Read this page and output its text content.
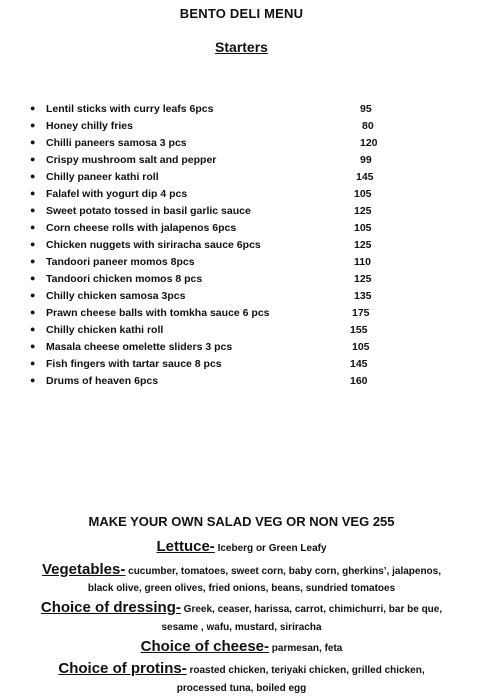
BENTO DELI MENU
Starters
● Lentil sticks with curry leafs 6pcs	95
● Honey chilly fries	80
● Chilli paneers samosa 3 pcs	120
● Crispy mushroom salt and pepper	99
● Chilly paneer kathi roll	145
● Falafel with yogurt dip 4 pcs	105
● Sweet potato tossed in basil garlic sauce	125
● Corn cheese rolls with jalapenos 6pcs	105
● Chicken nuggets with siriracha sauce 6pcs	125
● Tandoori paneer momos 8pcs	110
● Tandoori chicken momos 8 pcs	125
● Chilly chicken samosa 3pcs	135
● Prawn cheese balls with tomkha sauce 6 pcs	175
● Chilly chicken kathi roll	155
● Masala cheese omelette sliders 3 pcs	105
● Fish fingers with tartar sauce 8 pcs	145
● Drums of heaven 6pcs	160
MAKE YOUR OWN SALAD VEG OR NON VEG 255
Lettuce- Iceberg or Green Leafy
Vegetables- cucumber, tomatoes, sweet corn, baby corn, gherkins’, jalapenos,
black olive, green olives, fried onions, beans, sundried tomatoes
Choice of dressing- Greek, ceaser, harissa, carrot, chimichurri, bar be que,
sesame , wafu, mustard, siriracha
Choice of cheese- parmesan, feta
Choice of protins- roasted chicken, teriyaki chicken, grilled chicken,
processed tuna, boiled egg
